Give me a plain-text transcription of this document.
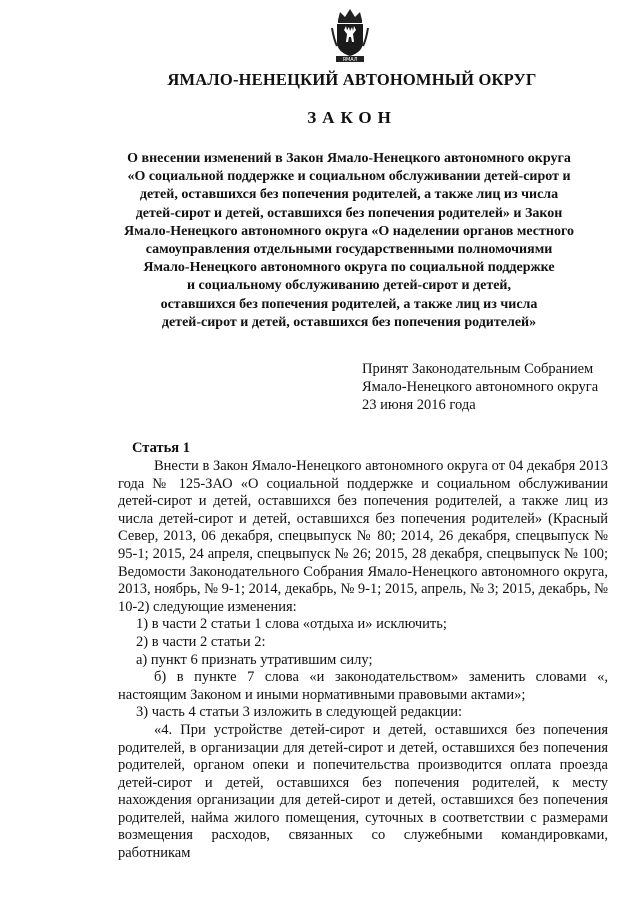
ЯМАЛ
ЯМАЛО-НЕНЕЦКИЙ АВТОНОМНЫЙ ОКРУГ
ЗАКОН
О внесении изменений в Закон Ямало-Ненецкого автономного округа
«О социальной поддержке и социальном обслуживании детей-сирот и
детей, оставшихся без попечения родителей, а также лиц из числа
детей-сирот и детей, оставшихся без попечения родителей» и Закон
Ямало-Ненецкого автономного округа «О наделении органов местного
самоуправления отдельными государственными полномочиями
Ямало-Ненецкого автономного округа по социальной поддержке
и социальному обслуживанию детей-сирот и детей,
оставшихся без попечения родителей, а также лиц из числа
детей-сирот и детей, оставшихся без попечения родителей»
Принят Законодательным Собранием
Ямало-Ненецкого автономного округа
23 июня 2016 года
Статья 1

Внести в Закон Ямало-Ненецкого автономного округа от 04 декабря 2013 года № 125-ЗАО «О социальной поддержке и социальном обслуживании детей-сирот и детей, оставшихся без попечения родителей, а также лиц из числа детей-сирот и детей, оставшихся без попечения родителей» (Красный Север, 2013, 06 декабря, спецвыпуск № 80; 2014, 26 декабря, спецвыпуск № 95-1; 2015, 24 апреля, спецвыпуск № 26; 2015, 28 декабря, спецвыпуск № 100; Ведомости Законодательного Собрания Ямало-Ненецкого автономного округа, 2013, ноябрь, № 9-1; 2014, декабрь, № 9-1; 2015, апрель, № 3; 2015, декабрь, № 10-2) следующие изменения:

1) в части 2 статьи 1 слова «отдыха и» исключить;

2) в части 2 статьи 2:

а) пункт 6 признать утратившим силу;

б) в пункте 7 слова «и законодательством» заменить словами «, настоящим Законом и иными нормативными правовыми актами»;

3) часть 4 статьи 3 изложить в следующей редакции:

«4. При устройстве детей-сирот и детей, оставшихся без попечения родителей, в организации для детей-сирот и детей, оставшихся без попечения родителей, органом опеки и попечительства производится оплата проезда детей-сирот и детей, оставшихся без попечения родителей, к месту нахождения организации для детей-сирот и детей, оставшихся без попечения родителей, найма жилого помещения, суточных в соответствии с размерами возмещения расходов, связанных со служебными командировками, работникам
